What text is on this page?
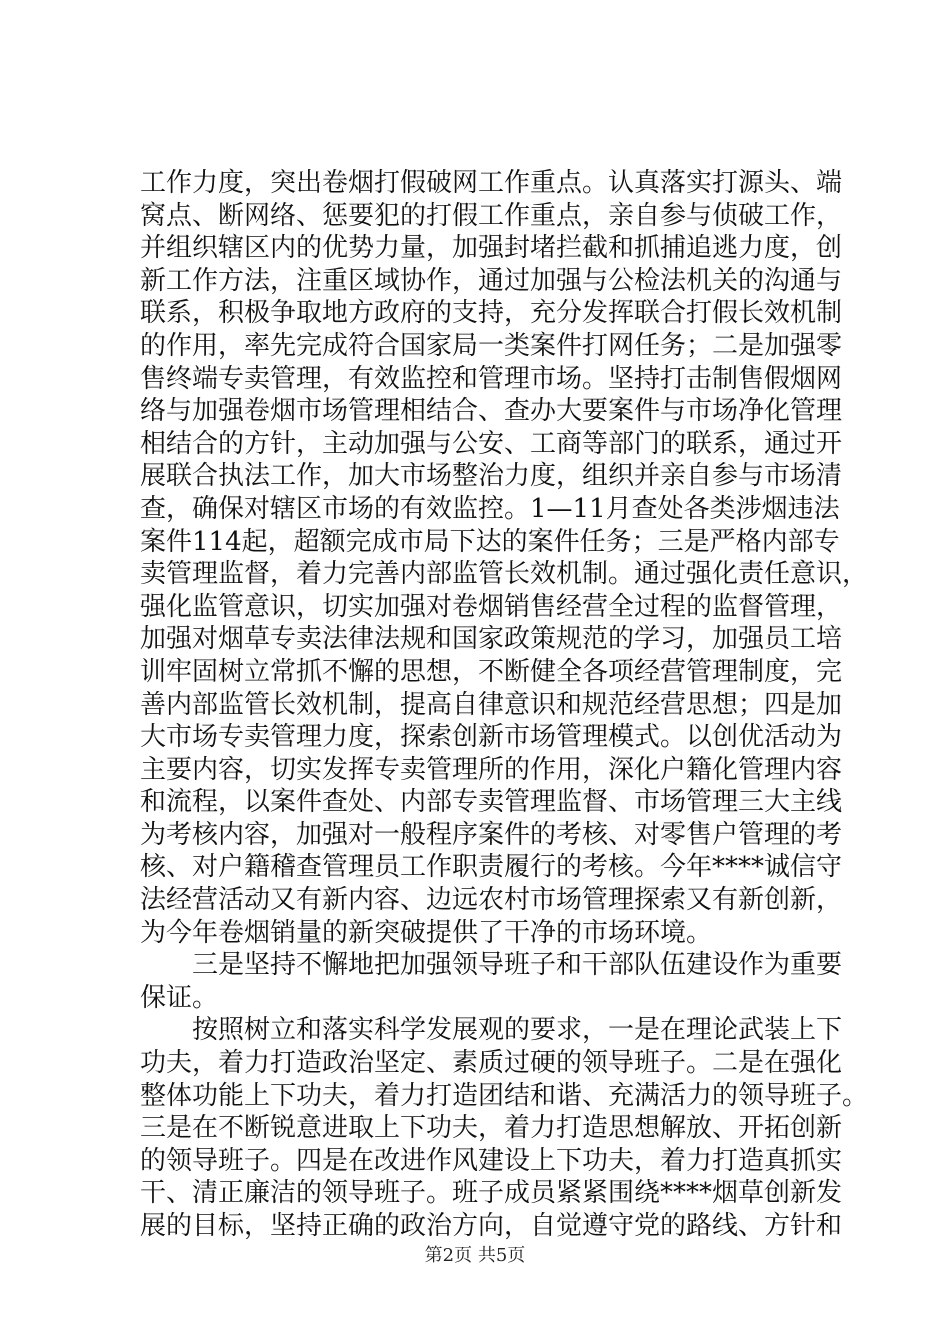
工作力度，突出卷烟打假破网工作重点。认真落实打源头、端
窝点、断网络、惩要犯的打假工作重点，亲自参与侦破工作，
并组织辖区内的优势力量，加强封堵拦截和抓捕追逃力度，创
新工作方法，注重区域协作，通过加强与公检法机关的沟通与
联系，积极争取地方政府的支持，充分发挥联合打假长效机制
的作用，率先完成符合国家局一类案件打网任务；二是加强零
售终端专卖管理，有效监控和管理市场。坚持打击制售假烟网
络与加强卷烟市场管理相结合、查办大要案件与市场净化管理
相结合的方针，主动加强与公安、工商等部门的联系，通过开
展联合执法工作，加大市场整治力度，组织并亲自参与市场清
查，确保对辖区市场的有效监控。1—11月查处各类涉烟违法
案件114起，超额完成市局下达的案件任务；三是严格内部专
卖管理监督，着力完善内部监管长效机制。通过强化责任意识，
强化监管意识，切实加强对卷烟销售经营全过程的监督管理，
加强对烟草专卖法律法规和国家政策规范的学习，加强员工培
训牢固树立常抓不懈的思想，不断健全各项经营管理制度，完
善内部监管长效机制，提高自律意识和规范经营思想；四是加
大市场专卖管理力度，探索创新市场管理模式。以创优活动为
主要内容，切实发挥专卖管理所的作用，深化户籍化管理内容
和流程，以案件查处、内部专卖管理监督、市场管理三大主线
为考核内容，加强对一般程序案件的考核、对零售户管理的考
核、对户籍稽查管理员工作职责履行的考核。今年****诚信守
法经营活动又有新内容、边远农村市场管理探索又有新创新，
为今年卷烟销量的新突破提供了干净的市场环境。
　　三是坚持不懈地把加强领导班子和干部队伍建设作为重要
保证。
　　按照树立和落实科学发展观的要求，一是在理论武装上下
功夫，着力打造政治坚定、素质过硬的领导班子。二是在强化
整体功能上下功夫，着力打造团结和谐、充满活力的领导班子。
三是在不断锐意进取上下功夫，着力打造思想解放、开拓创新
的领导班子。四是在改进作风建设上下功夫，着力打造真抓实
干、清正廉洁的领导班子。班子成员紧紧围绕****烟草创新发
展的目标，坚持正确的政治方向，自觉遵守党的路线、方针和
第2页 共5页
